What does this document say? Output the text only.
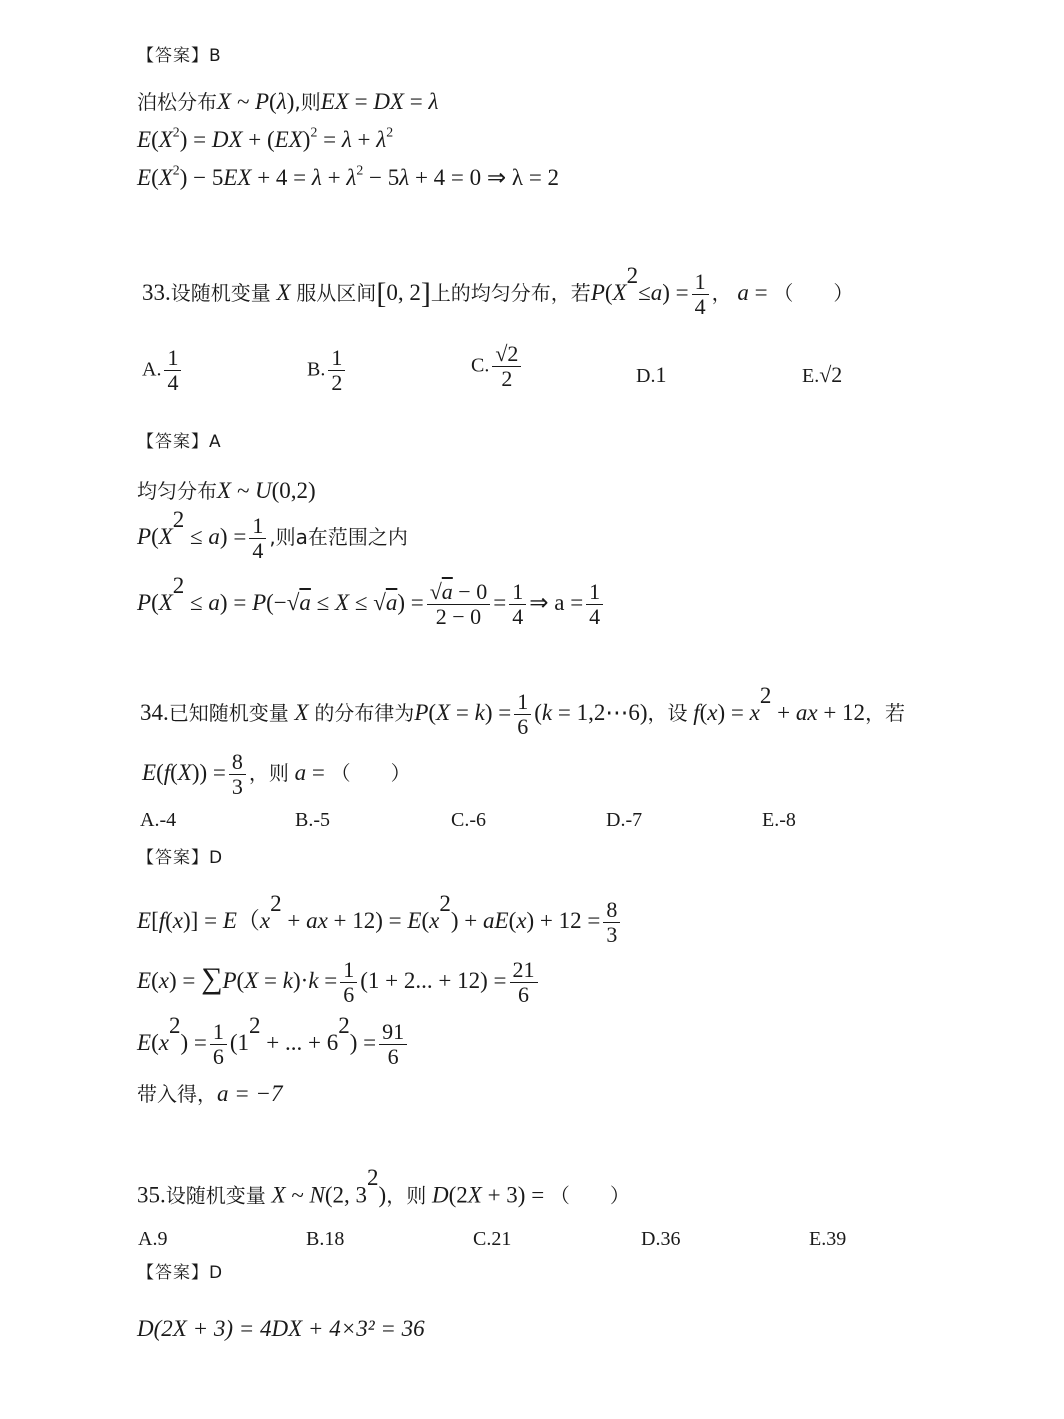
【答案】B
泊松分布X ~ P(λ),则EX = DX = λ
$E(X^2)$ = DX + $(EX)^2 = \lambda + \lambda^2$
$E(X^2) - 5EX + 4 = \lambda + \lambda^2 - 5\lambda + 4 = 0$ ⇒ λ = 2
33.设随机变量 X 服从区间[0, 2]上的均匀分布，若$P(X^2\le a) = \frac{1}{4}$ ， a = （　　）
A. $\frac{1}{4}$	B. $\frac{1}{2}$	C. $\frac{√2}{2}$	D.1	E.√2
【答案】A
均匀分布X ~ U(0,2)
$P(X^2 \le a) = \frac{1}{4}$ ,则a在范围之内
$P(X^2 \le a) = P(-√a \le X \le √a) = \frac{√a - 0}{2 - 0} = \frac{1}{4}$ ⇒ $a = \frac{1}{4}$
34.已知随机变量 X 的分布律为$P(X = k) = \frac{1}{6} (k$ = 1,2⋯6)，设 $f(x) = x^2$ + ax + 12，若
$E(f(X)) = \frac{8}{3}$ ，则 a = （　　）
A.-4	B.-5	C.-6	D.-7	E.-8
【答案】D
$E[f(x)] = E(x^2$ + ax + $12) = E(x^2) + aE(x) + 12 = \frac{8}{3}$
$E(x) = \sum P(X = k)\cdot k = \frac{1}{6} (1 + 2$... + $12) = \frac{21}{6}$
$E(x^2) = \frac{1}{6} (1^2$ + ... + $6^2) = \frac{91}{6}$
带入得，a = −7
35.设随机变量 X ~ N(2, $3^2$)，则 D(2X + 3) = （　　）
A.9	B.18	C.21	D.36	E.39
【答案】D
D(2X + 3) = 4DX + 4×3² = 36
